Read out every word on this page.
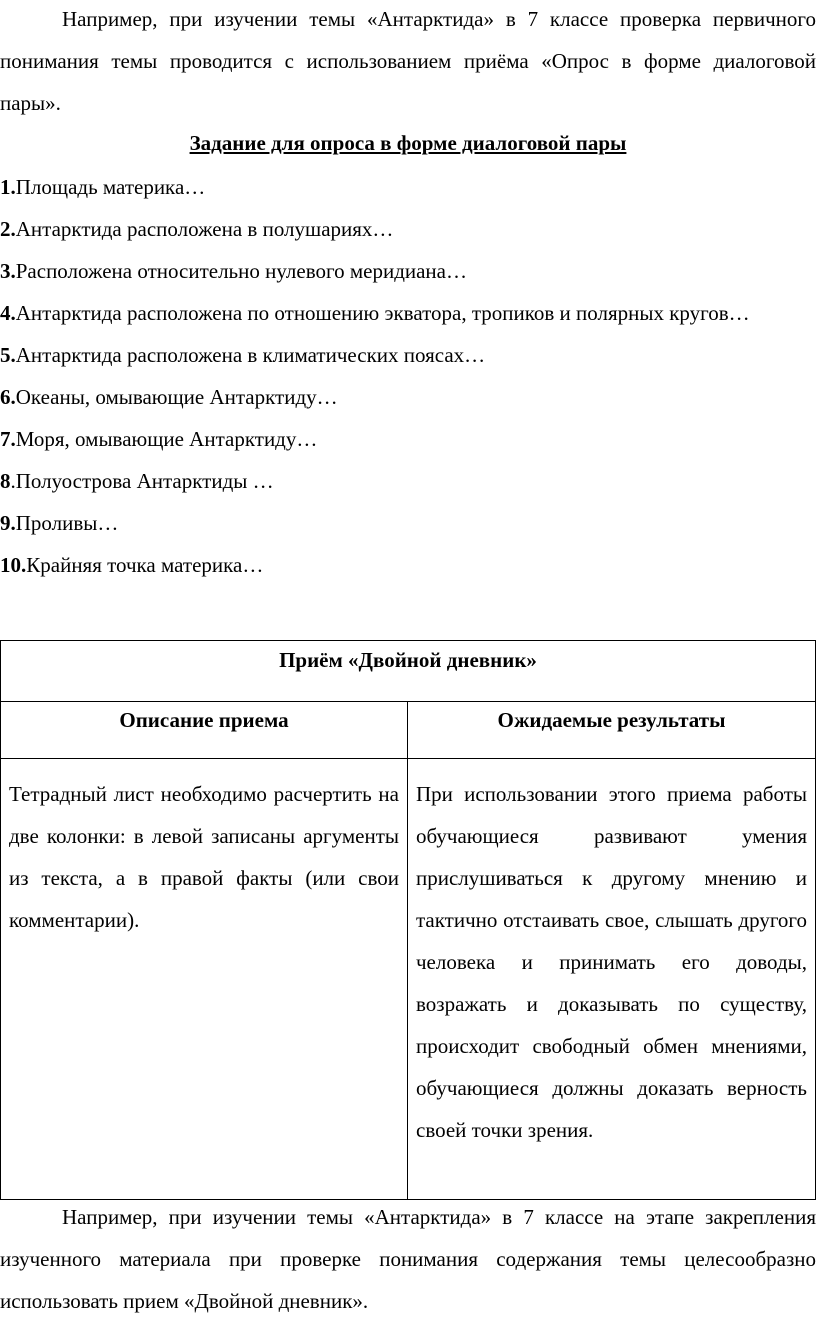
Например, при изучении темы «Антарктида» в 7 классе проверка первичного понимания темы проводится с использованием приёма «Опрос в форме диалоговой пары».

Задание для опроса в форме диалоговой пары

1.Площадь материка…
2.Антарктида расположена в полушариях…
3.Расположена относительно нулевого меридиана…
4.Антарктида расположена по отношению экватора, тропиков и полярных кругов…
5.Антарктида расположена в климатических поясах…
6.Океаны, омывающие Антарктиду…
7.Моря, омывающие Антарктиду…
8.Полуострова Антарктиды …
9.Проливы…
10.Крайняя точка материка…
Приём «Двойной дневник»
Описание приема	Ожидаемые результаты
Тетрадный лист необходимо расчертить на две колонки: в левой записаны аргументы из текста, а в правой факты (или свои комментарии).
При использовании этого приема работы обучающиеся развивают умения прислушиваться к другому мнению и тактично отстаивать свое, слышать другого человека и принимать его доводы, возражать и доказывать по существу, происходит свободный обмен мнениями, обучающиеся должны доказать верность своей точки зрения.

Например, при изучении темы «Антарктида» в 7 классе на этапе закрепления изученного материала при проверке понимания содержания темы целесообразно использовать прием «Двойной дневник».
